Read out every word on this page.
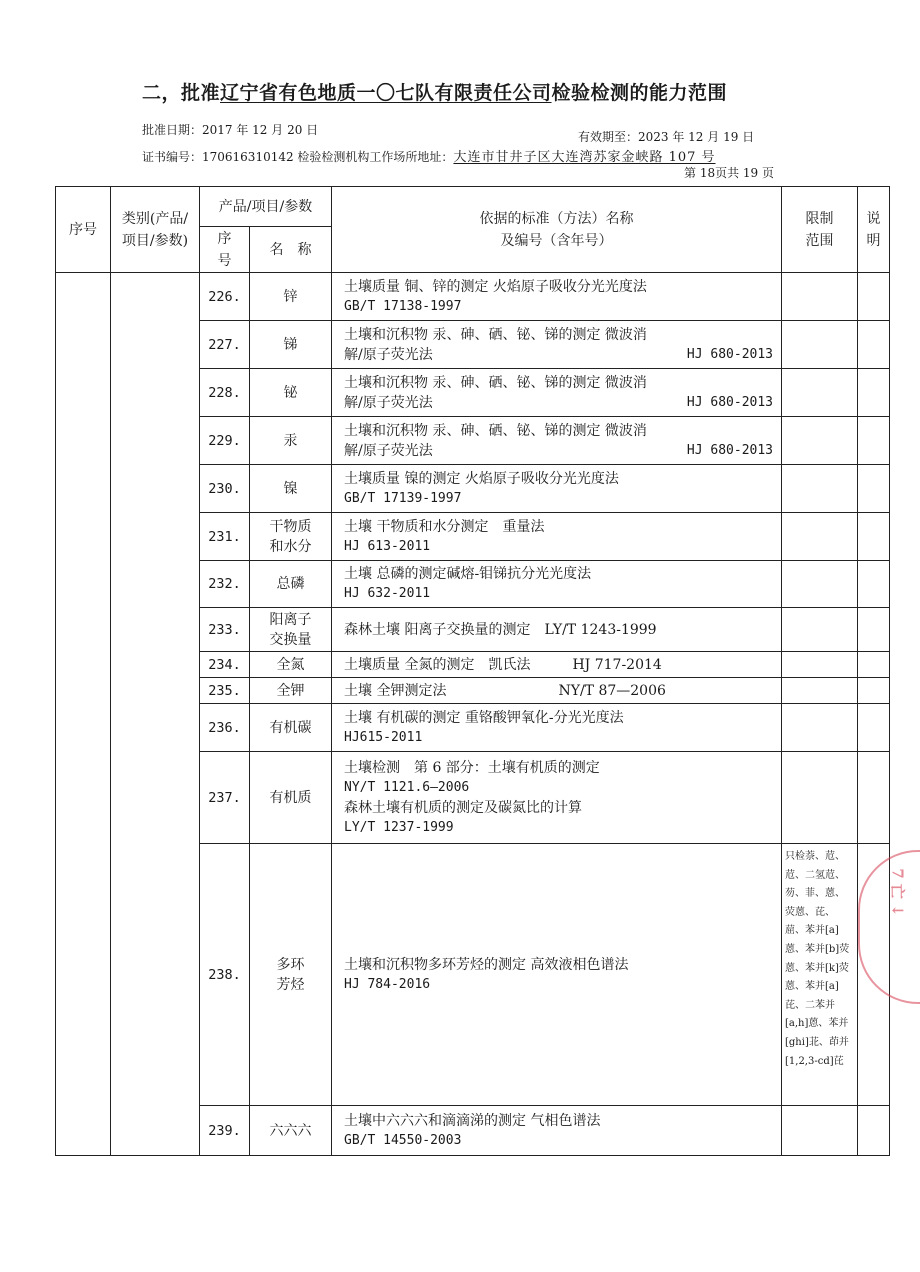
二，批准辽宁省有色地质一〇七队有限责任公司检验检测的能力范围
批准日期：2017 年 12 月 20 日	有效期至：2023 年 12 月 19 日
证书编号：170616310142 检验检测机构工作场所地址：大连市甘井子区大连湾苏家金峡路 107 号
第 18页共 19 页
序号	类别(产品/项目/参数)	产品/项目/参数		依据的标准（方法）名称
及编号（含年号）	限制范围	说明
		序号	名　称			
		226.	锌	土壤质量 铜、锌的测定 火焰原子吸收分光光度法
GB/T 17138-1997		

		227.	锑	土壤和沉积物 汞、砷、硒、铋、锑的测定 微波消
解/原子荧光法 HJ 680-2013		

		228.	铋	土壤和沉积物 汞、砷、硒、铋、锑的测定 微波消
解/原子荧光法 HJ 680-2013		

		229.	汞	土壤和沉积物 汞、砷、硒、铋、锑的测定 微波消
解/原子荧光法 HJ 680-2013		

		230.	镍	土壤质量 镍的测定 火焰原子吸收分光光度法
GB/T 17139-1997		

		231.	干物质和水分	土壤 干物质和水分测定　重量法
HJ 613-2011		

		232.	总磷	土壤 总磷的测定碱熔-钼锑抗分光光度法
HJ 632-2011		

		233.	阳离子交换量	森林土壤 阳离子交换量的测定　LY/T 1243-1999		

		234.	全氮	土壤质量 全氮的测定　凯氏法　　　HJ 717-2014		

		235.	全钾	土壤 全钾测定法　　　　　　　　NY/T 87—2006		

		236.	有机碳	土壤 有机碳的测定 重铬酸钾氧化-分光光度法
HJ615-2011		

		237.	有机质	土壤检测　第 6 部分：土壤有机质的测定
NY/T 1121.6—2006
森林土壤有机质的测定及碳氮比的计算
LY/T 1237-1999		

		238.	多环芳烃	土壤和沉积物多环芳烃的测定 高效液相色谱法
HJ 784-2016	只检萘、苊、苊、二氢苊、芴、菲、蒽、荧蒽、芘、䓛、苯并[a]蒽、苯并[b]荧蒽、苯并[k]荧蒽、苯并[a]芘、二苯并[a,h]蒽、苯并[ghi]苝、茚并[1,2,3-cd]芘	
		239.	六六六	土壤中六六六和滴滴涕的测定 气相色谱法
GB/T 14550-2003		

7 亡 ↓
